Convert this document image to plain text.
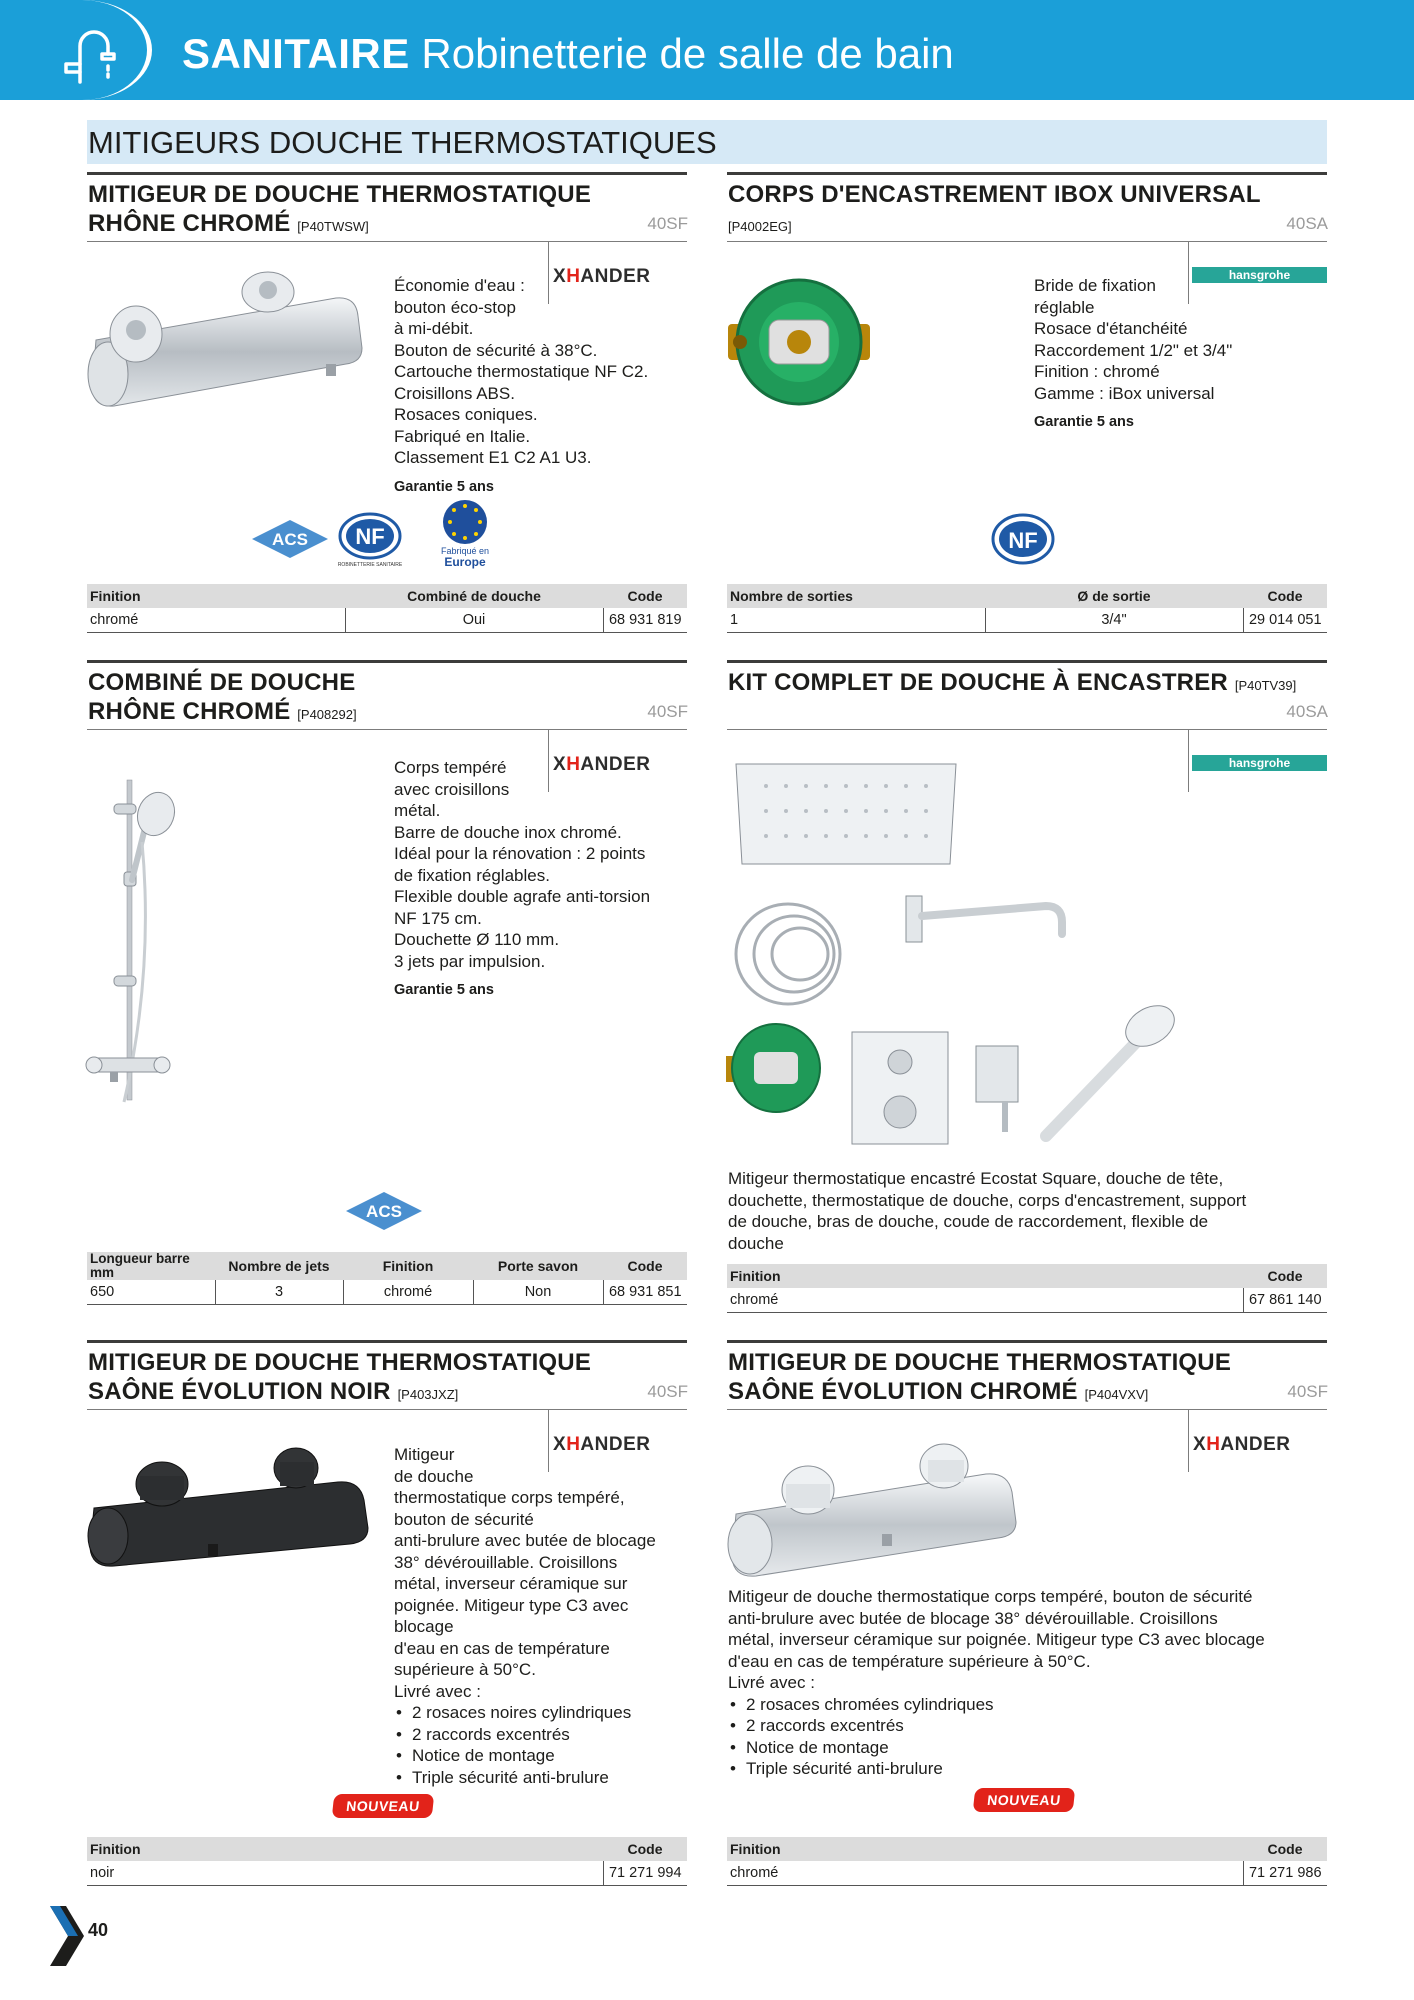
SANITAIRE Robinetterie de salle de bain
MITIGEURS DOUCHE THERMOSTATIQUES
MITIGEUR DE DOUCHE THERMOSTATIQUE
RHÔNE CHROMÉ [P40TWSW]	40SF
XHANDER
Économie d'eau :
bouton éco-stop
à mi-débit.
Bouton de sécurité à 38°C.
Cartouche thermostatique NF C2.
Croisillons ABS.
Rosaces coniques.
Fabriqué en Italie.
Classement E1 C2 A1 U3.
Garantie 5 ans
ACS NF
ROBINETTERIE SANITAIRE
Fabriqué en
Europe
Finition	Combiné de douche	Code
chromé	Oui	68 931 819
CORPS D'ENCASTREMENT IBOX UNIVERSAL
[P4002EG]	40SA
hansgrohe
Bride de fixation
réglable
Rosace d'étanchéité
Raccordement 1/2" et 3/4"
Finition : chromé
Gamme : iBox universal
Garantie 5 ans
NF
Nombre de sorties	Ø de sortie	Code
1	3/4"	29 014 051
COMBINÉ DE DOUCHE
RHÔNE CHROMÉ [P408292]	40SF
XHANDER
Corps tempéré
avec croisillons
métal.
Barre de douche inox chromé.
Idéal pour la rénovation : 2 points
de fixation réglables.
Flexible double agrafe anti-torsion
NF 175 cm.
Douchette Ø 110 mm.
3 jets par impulsion.
Garantie 5 ans
ACS
Longueur barre mm	Nombre de jets	Finition	Porte savon	Code
650	3	chromé	Non	68 931 851
KIT COMPLET DE DOUCHE À ENCASTRER [P40TV39]
40SA
hansgrohe
Mitigeur thermostatique encastré Ecostat Square, douche de tête,
douchette, thermostatique de douche, corps d'encastrement, support
de douche, bras de douche, coude de raccordement, flexible de
douche
Finition	Code
chromé	67 861 140
MITIGEUR DE DOUCHE THERMOSTATIQUE
SAÔNE ÉVOLUTION NOIR [P403JXZ]	40SF
XHANDER
Mitigeur
de douche
thermostatique corps tempéré,
bouton de sécurité
anti-brulure avec butée de blocage
38° dévérouillable. Croisillons
métal, inverseur céramique sur
poignée. Mitigeur type C3 avec
blocage
d'eau en cas de température
supérieure à 50°C.
Livré avec :
• 2 rosaces noires cylindriques
• 2 raccords excentrés
• Notice de montage
• Triple sécurité anti-brulure
NOUVEAU
Finition	Code
noir	71 271 994
MITIGEUR DE DOUCHE THERMOSTATIQUE
SAÔNE ÉVOLUTION CHROMÉ [P404VXV]	40SF
XHANDER
Mitigeur de douche thermostatique corps tempéré, bouton de sécurité
anti-brulure avec butée de blocage 38° dévérouillable. Croisillons
métal, inverseur céramique sur poignée. Mitigeur type C3 avec blocage
d'eau en cas de température supérieure à 50°C.
Livré avec :
• 2 rosaces chromées cylindriques
• 2 raccords excentrés
• Notice de montage
• Triple sécurité anti-brulure
NOUVEAU
Finition	Code
chromé	71 271 986
40
